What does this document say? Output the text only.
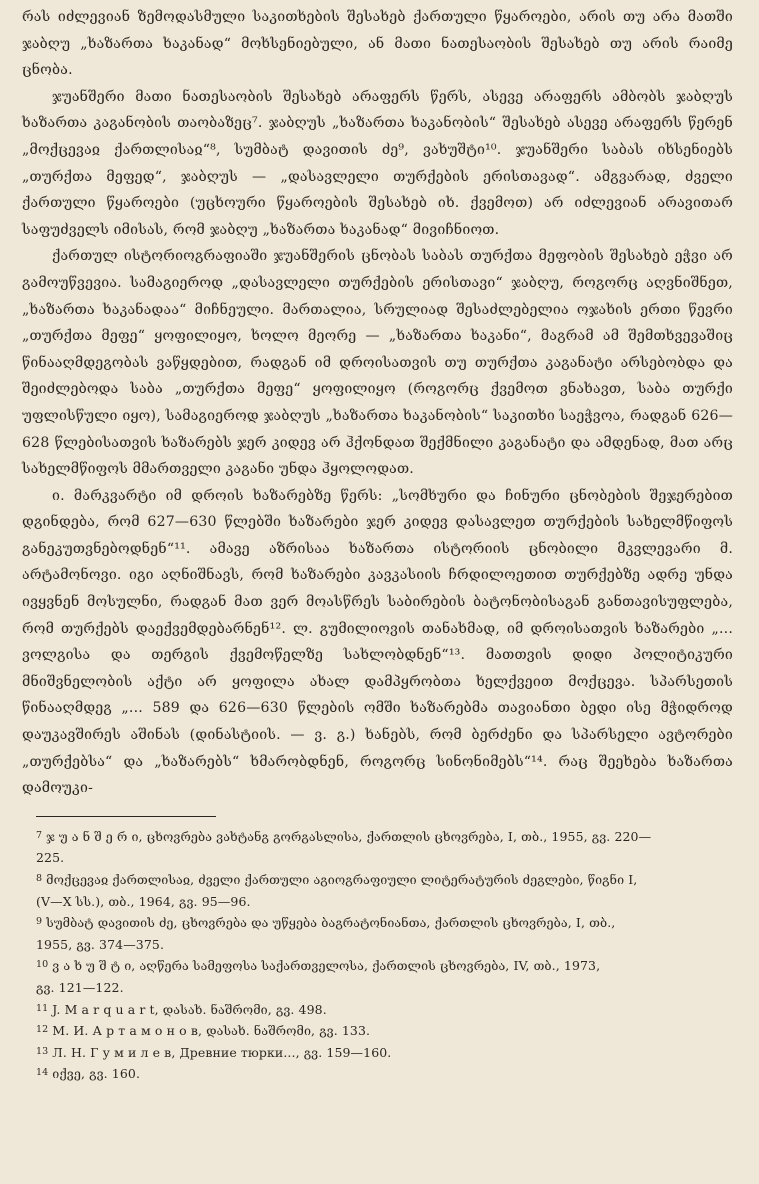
რას იძლევიან ზემოდასმული საკითხების შესახებ ქართული წყაროები, არის თუ არა მათში ჯაბღუ „ხაზართა ხაკანად“ მოხსენიებული, ან მათი ნათესაობის შესახებ თუ არის რაიმე ცნობა.

ჯუანშერი მათი ნათესაობის შესახებ არაფერს წერს, ასევე არაფერს ამბობს ჯაბღუს ხაზართა კაგანობის თაობაზეც⁷. ჯაბღუს „ხაზართა ხაკანობის“ შესახებ ასევე არაფერს წერენ „მოქცევაჲ ქართლისაჲ“⁸, სუმბატ დავითის ძე⁹, ვახუშტი¹⁰. ჯუანშერი საბას იხსენიებს „თურქთა მეფედ“, ჯაბღუს — „დასავლელი თურქების ერისთავად“. ამგვარად, ძველი ქართული წყაროები (უცხოური წყაროების შესახებ იხ. ქვემოთ) არ იძლევიან არავითარ საფუძველს იმისას, რომ ჯაბღუ „ხაზართა ხაკანად“ მივიჩნიოთ.

ქართულ ისტორიოგრაფიაში ჯუანშერის ცნობას საბას თურქთა მეფობის შესახებ ეჭვი არ გამოუწვევია. სამაგიეროდ „დასავლელი თურქების ერისთავი“ ჯაბღუ, როგორც აღვნიშნეთ, „ხაზართა ხაკანადაა“ მიჩნეული. მართალია, სრულიად შესაძლებელია ოჯახის ერთი წევრი „თურქთა მეფე“ ყოფილიყო, ხოლო მეორე — „ხაზართა ხაკანი“, მაგრამ ამ შემთხვევაშიც წინააღმდეგობას ვაწყდებით, რადგან იმ დროისათვის თუ თურქთა კაგანატი არსებობდა და შეიძლებოდა საბა „თურქთა მეფე“ ყოფილიყო (როგორც ქვემოთ ვნახავთ, საბა თურქი უფლისწული იყო), სამაგიეროდ ჯაბღუს „ხაზართა ხაკანობის“ საკითხი საეჭვოა, რადგან 626—628 წლებისათვის ხაზარებს ჯერ კიდევ არ ჰქონდათ შექმნილი კაგანატი და ამდენად, მათ არც სახელმწიფოს მმართველი კაგანი უნდა ჰყოლოდათ.

ი. მარკვარტი იმ დროის ხაზარებზე წერს: „სომხური და ჩინური ცნობების შეჯერებით დგინდება, რომ 627—630 წლებში ხაზარები ჯერ კიდევ დასავლეთ თურქების სახელმწიფოს განეკუთვნებოდნენ“¹¹. ამავე აზრისაა ხაზართა ისტორიის ცნობილი მკვლევარი მ. არტამონოვი. იგი აღნიშნავს, რომ ხაზარები კავკასიის ჩრდილოეთით თურქებზე ადრე უნდა ივყვნენ მოსულნი, რადგან მათ ვერ მოასწრეს საბირების ბატონობისაგან განთავისუფლება, რომ თურქებს დაექვემდებარნენ¹². ლ. გუმილიოვის თანახმად, იმ დროისათვის ხაზარები „... ვოლგისა და თერგის ქვემოწელზე სახლობდნენ“¹³. მათთვის დიდი პოლიტიკური მნიშვნელობის აქტი არ ყოფილა ახალ დამპყრობთა ხელქვეით მოქცევა. სპარსეთის წინააღმდეგ „... 589 და 626—630 წლების ომში ხაზარებმა თავიანთი ბედი ისე მჭიდროდ დაუკავშირეს აშინას (დინასტიის. — ვ. გ.) ხანებს, რომ ბერძენი და სპარსელი ავტორები „თურქებსა“ და „ხაზარებს“ ხმარობდნენ, როგორც სინონიმებს“¹⁴. რაც შეეხება ხაზართა დამოუკი-

$^7$ ჯ უ ა ნ შ ე რ ი, ცხოვრება ვახტანგ გორგასლისა, ქართლის ცხოვრება, I, თბ., 1955, გვ. 220—

225.

$^8$ მოქცევაჲ ქართლისაჲ, ძველი ქართული აგიოგრაფიული ლიტერატურის ძეგლები, წიგნი I,

(V—X სს.), თბ., 1964, გვ. 95—96.

$^9$ სუმბატ დავითის ძე, ცხოვრება და უწყება ბაგრატონიანთა, ქართლის ცხოვრება, I, თბ.,

1955, გვ. 374—375.

$^{10}$ ვ ა ხ უ შ ტ ი, აღწერა სამეფოსა საქართველოსა, ქართლის ცხოვრება, IV, თბ., 1973,

გვ. 121—122.

$^{11}$ J. M a r q u a r t, დასახ. ნაშრომი, გვ. 498.

$^{12}$ М. И. А р т а м о н о в, დასახ. ნაშრომი, გვ. 133.

$^{13}$ Л. Н. Г у м и л е в, Древние тюрки..., გვ. 159—160.

$^{14}$ იქვე, გვ. 160.
